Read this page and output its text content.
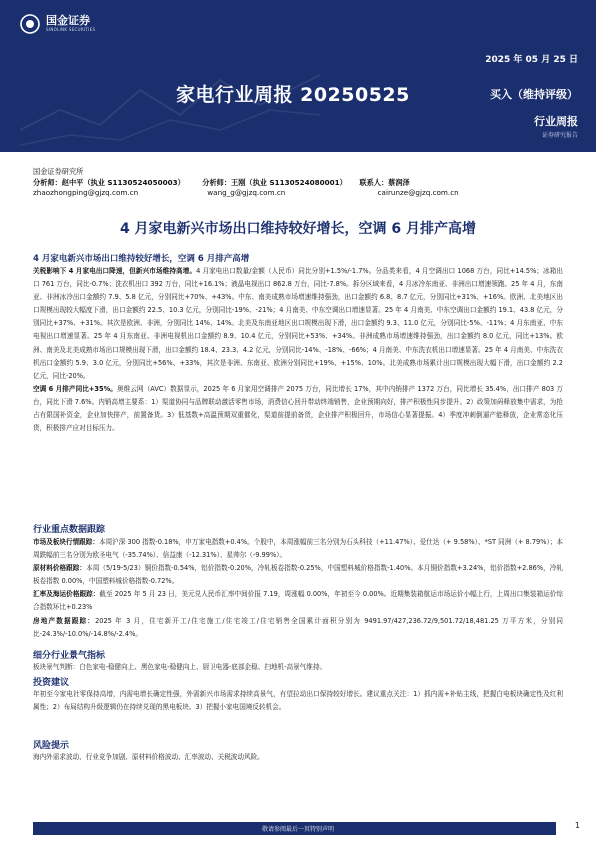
国金证券
SINOLINK SECURITIES
2025 年 05 月 25 日
家电行业周报 20250525	买入（维持评级）
行业周报
证券研究报告
国金证券研究所
分析师：赵中平（执业 S1130524050003） 分析师：王刚（执业 S1130524080001） 联系人：蔡润泽
zhaozhongping@gjzq.com.cn	wang_g@gjzq.com.cn	cairunze@gjzq.com.cn
4 月家电新兴市场出口维持较好增长，空调 6 月排产高增
4 月家电新兴市场出口维持较好增长，空调 6 月排产高增

关税影响下 4 月家电出口降速，但新兴市场维持高增。4 月家电出口数量/金额（人民币）同比分别+1.5%/-1.7%。分品类来看，4 月空调出口 1068 万台，同比+14.5%；冰箱出口 761 万台，同比-0.7%；洗衣机出口 392 万台，同比+16.1%；液晶电视出口 862.8 万台，同比-7.8%。拆分区域来看，4 月冰冷东南亚、非洲出口增速领跑。25 年 4 月，东南亚、非洲冰冷出口金额约 7.9、5.8 亿元，分别同比+70%、+43%。中东、南美成熟市场增速维持强劲，出口金额约 6.8、8.7 亿元，分别同比+31%、+16%。欧洲、北美地区出口规模出现较大幅度下滑，出口金额约 22.5、10.3 亿元，分别同比-19%、-21%；4 月南美、中东空调出口增速显著。25 年 4 月南美、中东空调出口金额约 19.1、43.8 亿元，分别同比+37%、+31%。其次是欧洲、非洲，分别同比 14%、14%。北美及东南亚地区出口规模出现下滑，出口金额约 9.3、11.0 亿元，分别同比-5%、-11%；4 月东南亚、中东电视出口增速显著。25 年 4 月东南亚、非洲电视机出口金额约 8.9、10.4 亿元，分别同比+53%、+34%。非洲成熟市场增速维持强劲，出口金额约 8.0 亿元，同比+13%。欧洲、南美及北美成熟市场出口规模出现下滑，出口金额约 18.4、23.3、4.2 亿元，分别同比-14%、-18%、-66%；4 月南美、中东洗衣机出口增速显著。25 年 4 月南美、中东洗衣机出口金额约 5.9、3.0 亿元，分别同比+56%、+33%，其次是非洲、东南亚、欧洲分别同比+19%、+15%、10%。北美成熟市场累计出口规模出现大幅下滑，出口金额约 2.2 亿元，同比-20%。

空调 6 月排产同比+35%。奥维云网（AVC）数据显示，2025 年 6 月家用空调排产 2075 万台，同比增长 17%，其中内销排产 1372 万台，同比增长 35.4%，出口排产 803 万台，同比下滑 7.6%。内销高增主要系：1）渠道协同与品牌联动激活零售市场，消费信心回升带动终端销售，企业预期向好，排产积极性同步提升。2）政策加码释放集中需求，为抢占有限国补资金，企业加快排产，前置备货。3）低基数+高温预期双重催化，渠道前提前备货，企业排产积极回升，市场信心显著提振。4）季度冲刺倒逼产能释放，企业常态化压货，积极排产应对目标压力。

行业重点数据跟踪

市场及板块行情跟踪：本周沪深 300 指数-0.18%，申万家电指数+0.4%。个股中，本周涨幅前三名分别为石头科技（+11.47%）、爱仕达（+ 9.58%）、*ST 同洲（+ 8.79%）；本周跌幅前三名分别为欧圣电气（-35.74%）、倍益康（-12.31%）、星帅尔（-9.99%）。

原材料价格跟踪：本周（5/19-5/23）铜价指数-0.54%，铝价指数-0.20%，冷轧板卷指数-0.25%，中国塑料城价格指数-1.40%。本月铜价指数+3.24%，铝价指数+2.86%，冷轧板卷指数 0.00%，中国塑料城价格指数-0.72%。

汇率及海运价格跟踪：截至 2025 年 5 月 23 日，美元兑人民币汇率中间价报 7.19，周涨幅 0.00%，年初至今 0.00%。近期集装箱航运市场运价小幅上行，上周出口集装箱运价综合指数环比+0.23%

房地产数据跟踪：2025 年 3 月，住宅新开工/住宅施工/住宅竣工/住宅销售全国累计面积分别为 9491.97/427,236.72/9,501.72/18,481.25 万平方米，分别同比-24.3%/-10.0%/-14.8%/-2.4%。

细分行业景气指标

板块景气判断：白色家电-稳健向上、黑色家电-稳健向上、厨卫电器-底部企稳、扫地机-高景气维持。

投资建议

年初至今家电社零保持高增，内需电增长确定性强，外需新兴市场需求持续高景气，有望拉动出口保持较好增长。建议重点关注：1）抓内需+补贴主线，把握白电板块确定性及红利属性；2）布局结构升级逻辑仍在持续兑现的黑电板块。3）把握小家电国境反转机会。

风险提示

海内外需求波动、行业竞争加剧、原材料价格波动、汇率波动、关税波动风险。

敬请参阅最后一页特别声明	1
